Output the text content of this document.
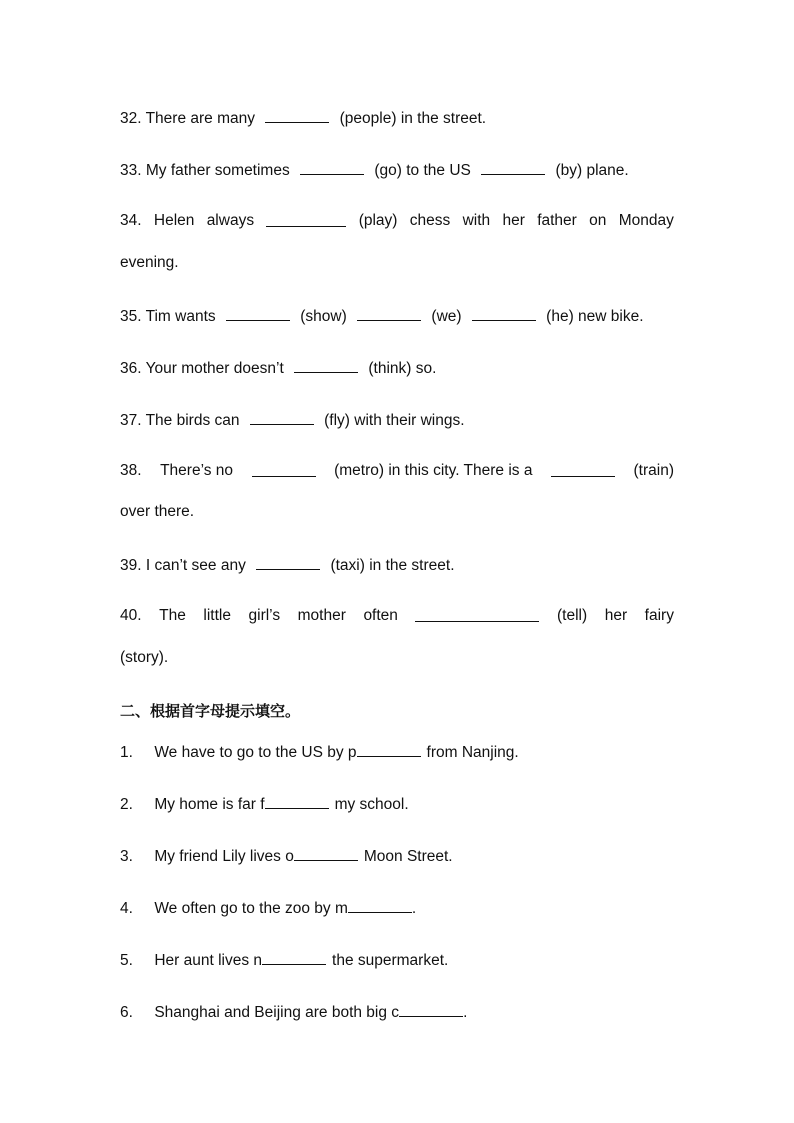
32. There are many	(people) in the street.
33. My father sometimes	(go) to the US	(by) plane.
34. Helen always	(play) chess with her father on Monday
evening.
35. Tim wants	(show)	(we)	(he) new bike.
36. Your mother doesn’t	(think) so.
37. The birds can	(fly) with their wings.
38. There’s no	(metro) in this city. There is a	(train)
over there.
39. I can’t see any	(taxi) in the street.
40. The little girl’s mother often	(tell) her fairy
(story).
二、根据首字母提示填空。
1. We have to go to the US by p	from Nanjing.
2. My home is far f	my school.
3. My friend Lily lives o	Moon Street.
4. We often go to the zoo by m	.
5. Her aunt lives n	the supermarket.
6. Shanghai and Beijing are both big c	.
